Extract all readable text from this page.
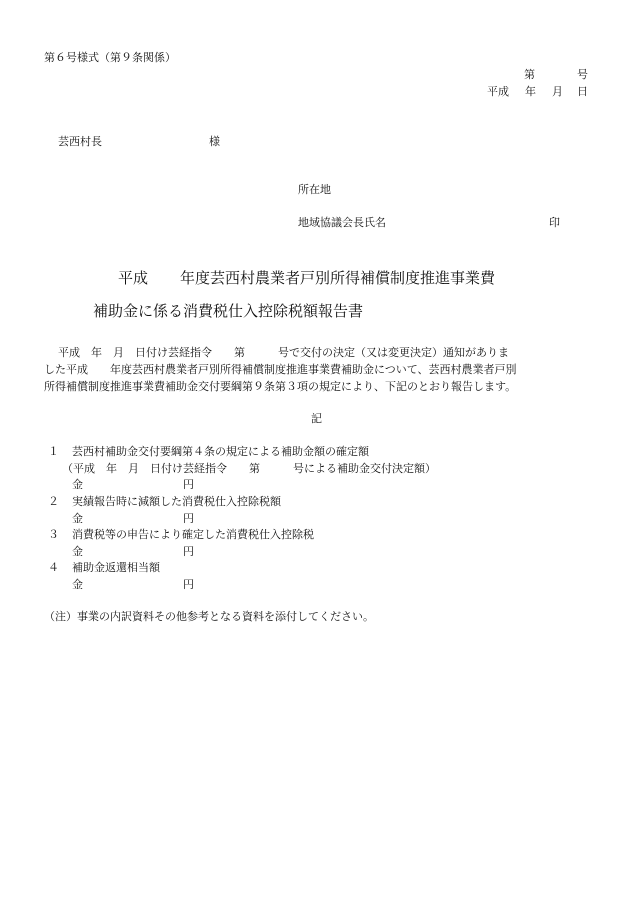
第６号様式（第９条関係）
第	号
平成 年 月 日
芸西村長	様
所在地
地域協議会長氏名	印
平成 年度芸西村農業者戸別所得補償制度推進事業費
補助金に係る消費税仕入控除税額報告書
平成　年　月　日付け芸経指令　　第　　　号で交付の決定（又は変更決定）通知がありま
した平成　　年度芸西村農業者戸別所得補償制度推進事業費補助金について、芸西村農業者戸別
所得補償制度推進事業費補助金交付要綱第９条第３項の規定により、下記のとおり報告します。
記
１ 芸西村補助金交付要綱第４条の規定による補助金額の確定額
（平成　年　月　日付け芸経指令　　第　　　号による補助金交付決定額）
金	円
２ 実績報告時に減額した消費税仕入控除税額
金	円
３ 消費税等の申告により確定した消費税仕入控除税
金	円
４ 補助金返還相当額
金	円
（注）事業の内訳資料その他参考となる資料を添付してください。
